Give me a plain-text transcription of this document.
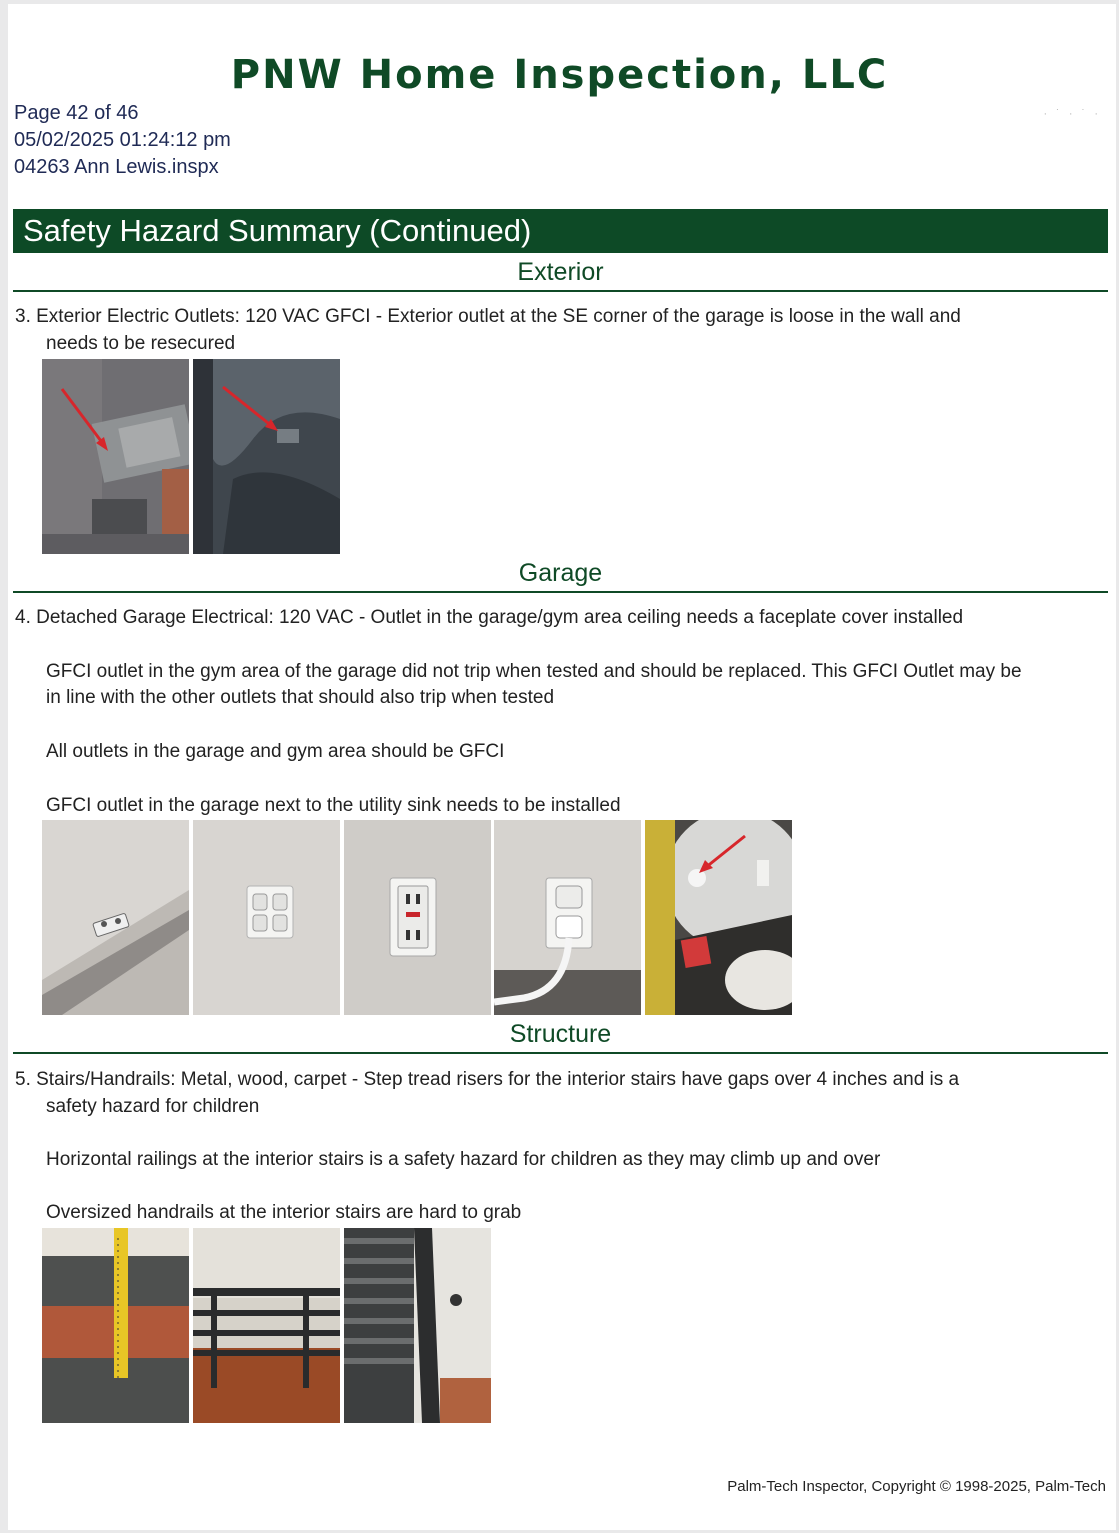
PNW Home Inspection, LLC
Page 42 of 46
05/02/2025 01:24:12 pm
04263 Ann Lewis.inspx
· ˙ · ˙ ·
Safety Hazard Summary (Continued)
Exterior
3. Exterior Electric Outlets: 120 VAC GFCI - Exterior outlet at the SE corner of the garage is loose in the wall and
needs to be resecured
Garage
4. Detached Garage Electrical: 120 VAC - Outlet in the garage/gym area ceiling needs a faceplate cover installed
GFCI outlet in the gym area of the garage did not trip when tested and should be replaced. This GFCI Outlet may be
in line with the other outlets that should also trip when tested
All outlets in the garage and gym area should be GFCI
GFCI outlet in the garage next to the utility sink needs to be installed
Structure
5. Stairs/Handrails: Metal, wood, carpet - Step tread risers for the interior stairs have gaps over 4 inches and is a
safety hazard for children
Horizontal railings at the interior stairs is a safety hazard for children as they may climb up and over
Oversized handrails at the interior stairs are hard to grab
Palm-Tech Inspector, Copyright © 1998-2025, Palm-Tech
